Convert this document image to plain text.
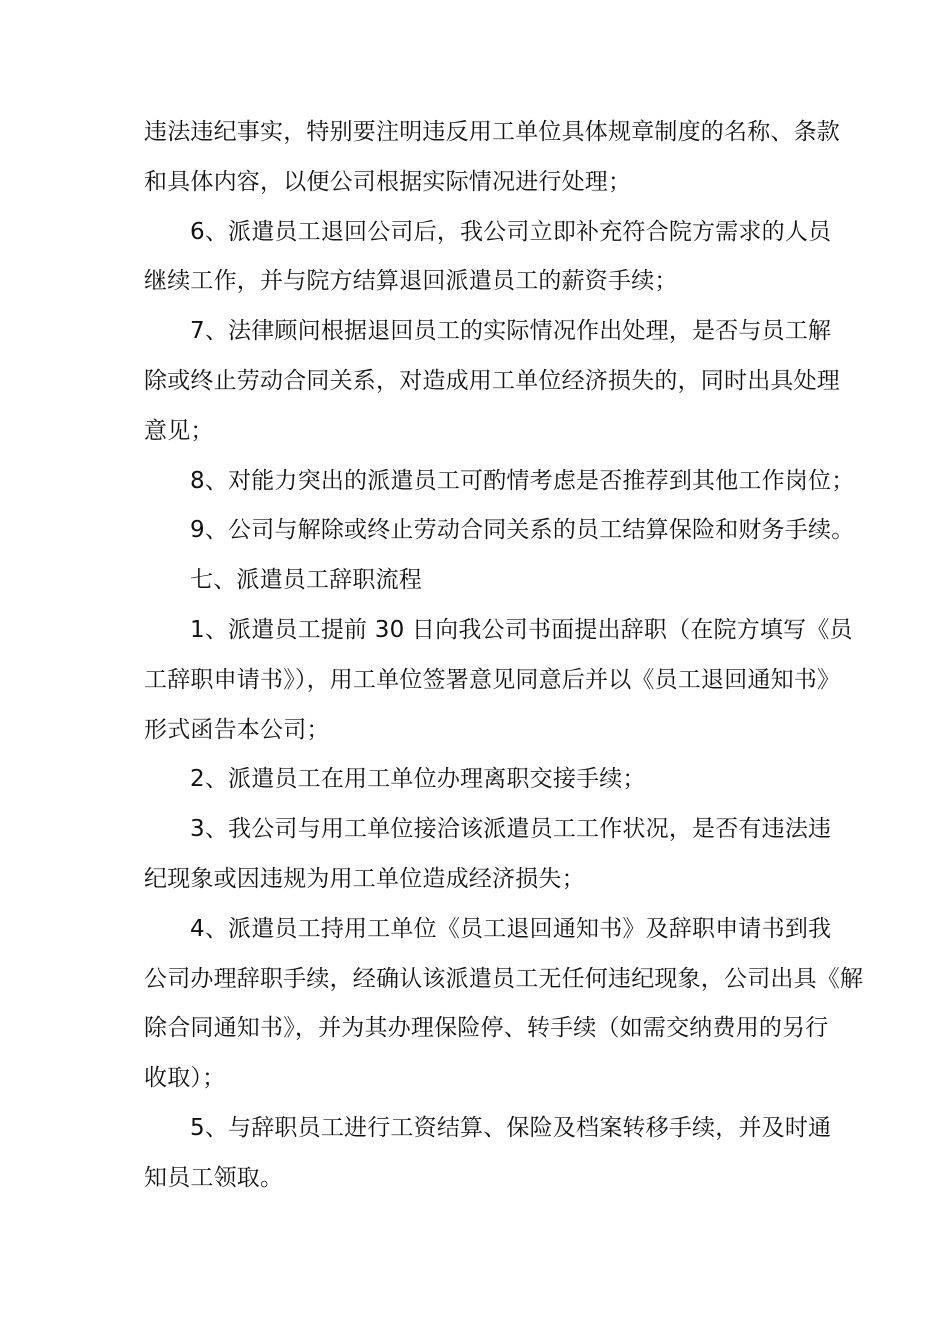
违法违纪事实，特别要注明违反用工单位具体规章制度的名称、条款
和具体内容，以便公司根据实际情况进行处理；

6、派遣员工退回公司后，我公司立即补充符合院方需求的人员
继续工作，并与院方结算退回派遣员工的薪资手续；

7、法律顾问根据退回员工的实际情况作出处理，是否与员工解
除或终止劳动合同关系，对造成用工单位经济损失的，同时出具处理
意见；

8、对能力突出的派遣员工可酌情考虑是否推荐到其他工作岗位；

9、公司与解除或终止劳动合同关系的员工结算保险和财务手续。

七、派遣员工辞职流程

1、派遣员工提前 30 日向我公司书面提出辞职（在院方填写《员
工辞职申请书》），用工单位签署意见同意后并以《员工退回通知书》
形式函告本公司；

2、派遣员工在用工单位办理离职交接手续；

3、我公司与用工单位接洽该派遣员工工作状况，是否有违法违
纪现象或因违规为用工单位造成经济损失；

4、派遣员工持用工单位《员工退回通知书》及辞职申请书到我
公司办理辞职手续，经确认该派遣员工无任何违纪现象，公司出具《解
除合同通知书》，并为其办理保险停、转手续（如需交纳费用的另行
收取）；

5、与辞职员工进行工资结算、保险及档案转移手续，并及时通
知员工领取。
